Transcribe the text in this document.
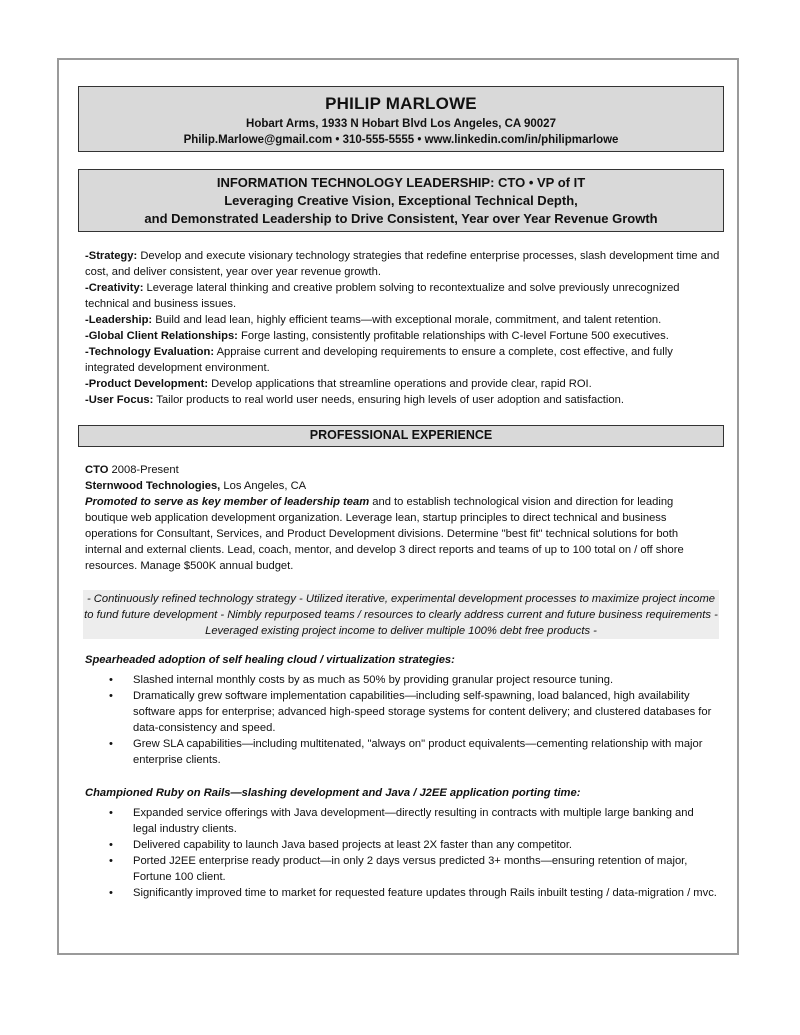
PHILIP MARLOWE
Hobart Arms, 1933 N Hobart Blvd Los Angeles, CA 90027
Philip.Marlowe@gmail.com • 310-555-5555 • www.linkedin.com/in/philipmarlowe
INFORMATION TECHNOLOGY LEADERSHIP: CTO • VP of IT
Leveraging Creative Vision, Exceptional Technical Depth,
and Demonstrated Leadership to Drive Consistent, Year over Year Revenue Growth

-Strategy: Develop and execute visionary technology strategies that redefine enterprise processes, slash development time and cost, and deliver consistent, year over year revenue growth.

-Creativity: Leverage lateral thinking and creative problem solving to recontextualize and solve previously unrecognized technical and business issues.

-Leadership: Build and lead lean, highly efficient teams—with exceptional morale, commitment, and talent retention.

-Global Client Relationships: Forge lasting, consistently profitable relationships with C-level Fortune 500 executives.

-Technology Evaluation: Appraise current and developing requirements to ensure a complete, cost effective, and fully integrated development environment.

-Product Development: Develop applications that streamline operations and provide clear, rapid ROI.

-User Focus: Tailor products to real world user needs, ensuring high levels of user adoption and satisfaction.

PROFESSIONAL EXPERIENCE

CTO 2008-Present

Sternwood Technologies, Los Angeles, CA

Promoted to serve as key member of leadership team and to establish technological vision and direction for leading boutique web application development organization. Leverage lean, startup principles to direct technical and business operations for Consultant, Services, and Product Development divisions. Determine "best fit" technical solutions for both internal and external clients. Lead, coach, mentor, and develop 3 direct reports and teams of up to 100 total on / off shore resources. Manage $500K annual budget.

- Continuously refined technology strategy - Utilized iterative, experimental development processes to maximize project income to fund future development - Nimbly repurposed teams / resources to clearly address current and future business requirements - Leveraged existing project income to deliver multiple 100% debt free products -
Spearheaded adoption of self healing cloud / virtualization strategies:
• Slashed internal monthly costs by as much as 50% by providing granular project resource tuning.
• Dramatically grew software implementation capabilities—including self-spawning, load balanced, high availability software apps for enterprise; advanced high-speed storage systems for content delivery; and clustered databases for data-consistency and speed.
• Grew SLA capabilities—including multitenated, "always on" product equivalents—cementing relationship with major enterprise clients.
Championed Ruby on Rails—slashing development and Java / J2EE application porting time:
• Expanded service offerings with Java development—directly resulting in contracts with multiple large banking and legal industry clients.
• Delivered capability to launch Java based projects at least 2X faster than any competitor.
• Ported J2EE enterprise ready product—in only 2 days versus predicted 3+ months—ensuring retention of major, Fortune 100 client.
• Significantly improved time to market for requested feature updates through Rails inbuilt testing / data-migration / mvc.
